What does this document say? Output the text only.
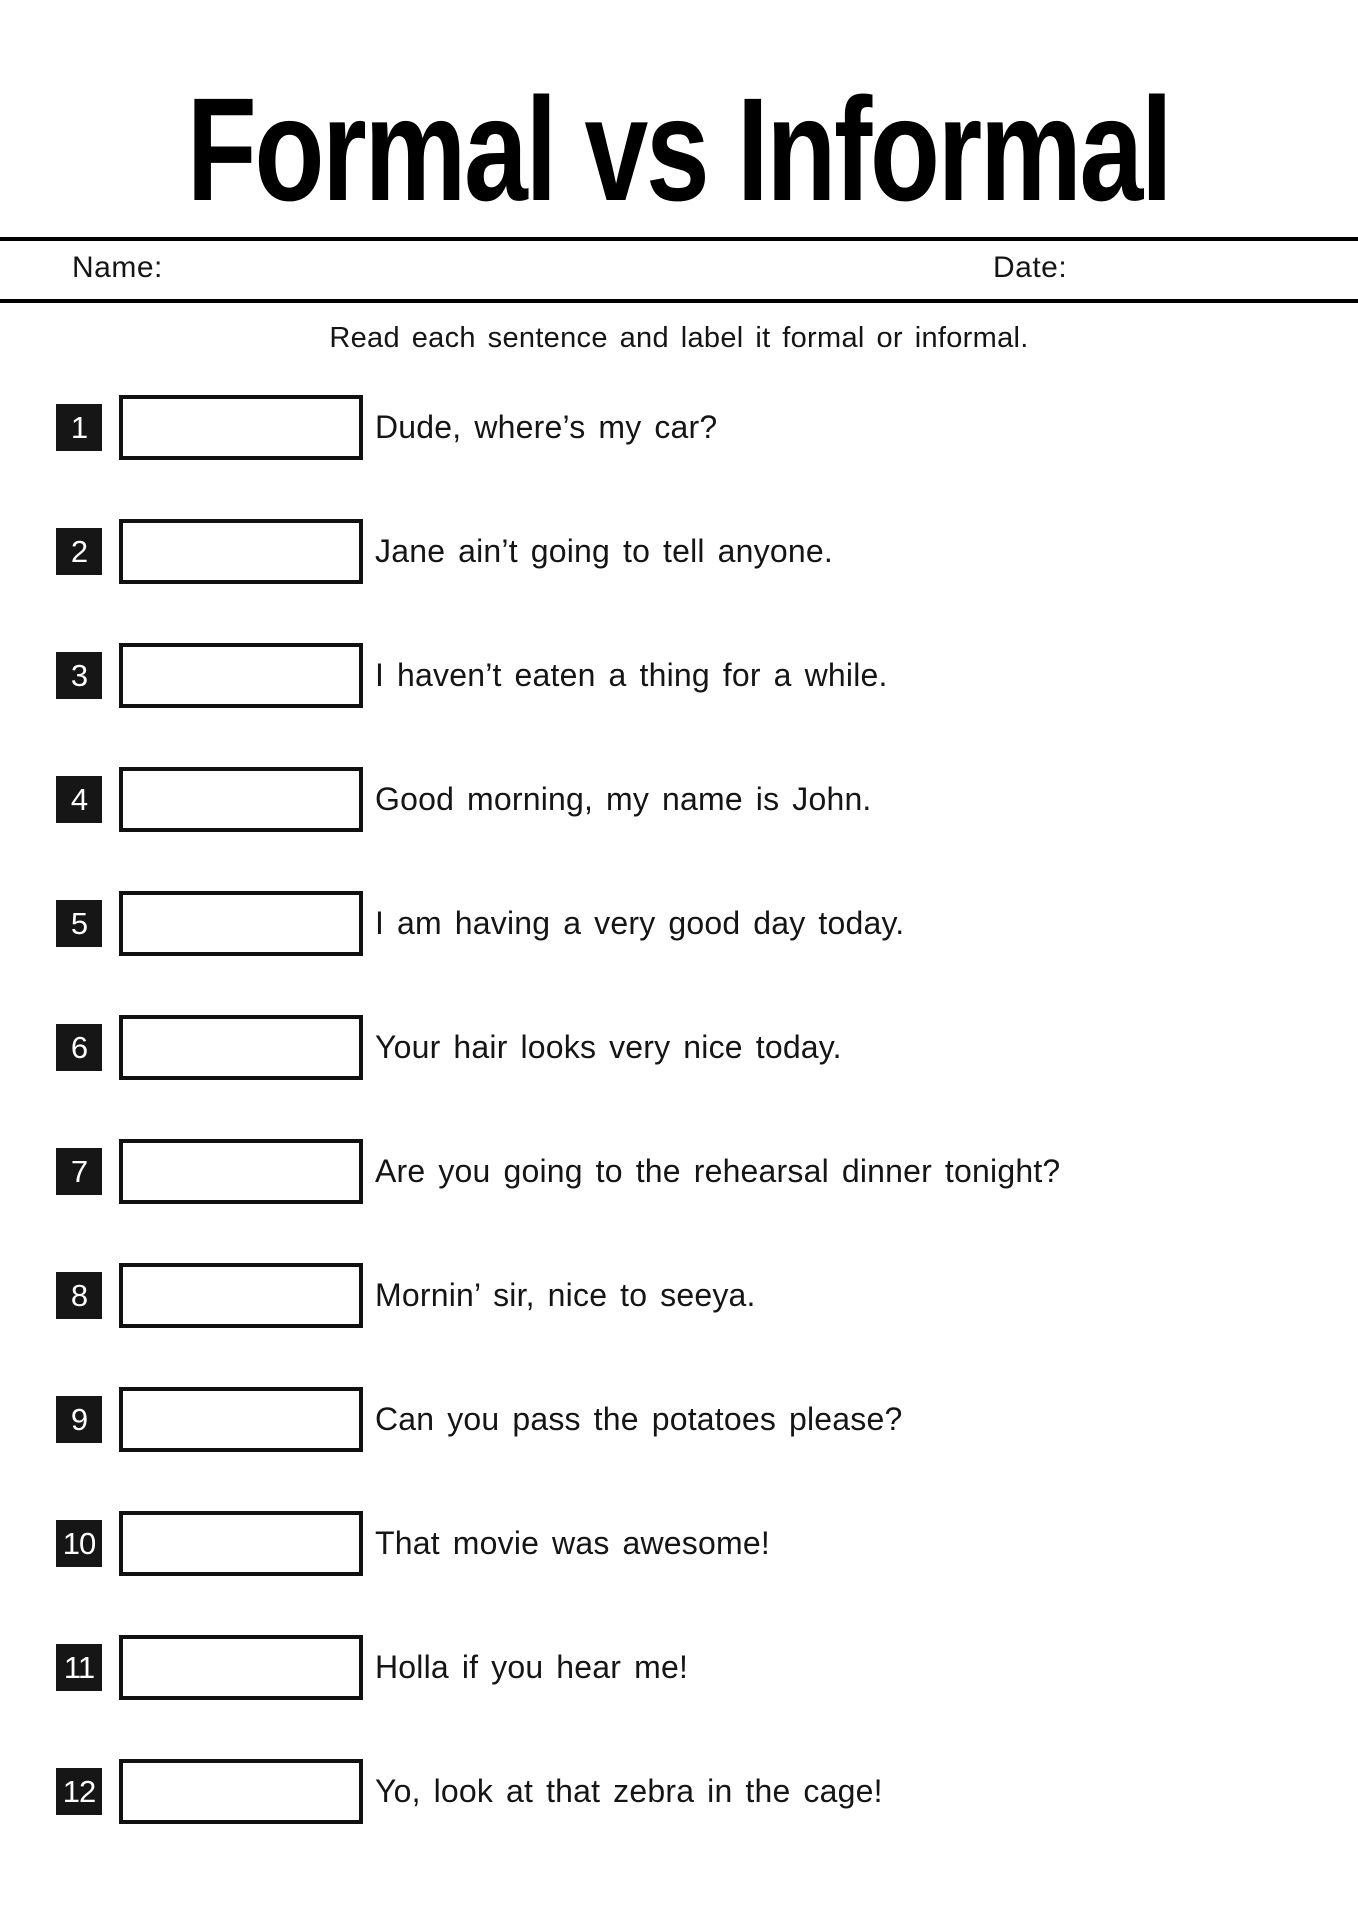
Formal vs Informal
Name:	Date:
Read each sentence and label it formal or informal.
1	Dude, where’s my car?
2	Jane ain’t going to tell anyone.
3	I haven’t eaten a thing for a while.
4	Good morning, my name is John.
5	I am having a very good day today.
6	Your hair looks very nice today.
7	Are you going to the rehearsal dinner tonight?
8	Mornin’ sir, nice to seeya.
9	Can you pass the potatoes please?
10	That movie was awesome!
11	Holla if you hear me!
12	Yo, look at that zebra in the cage!
